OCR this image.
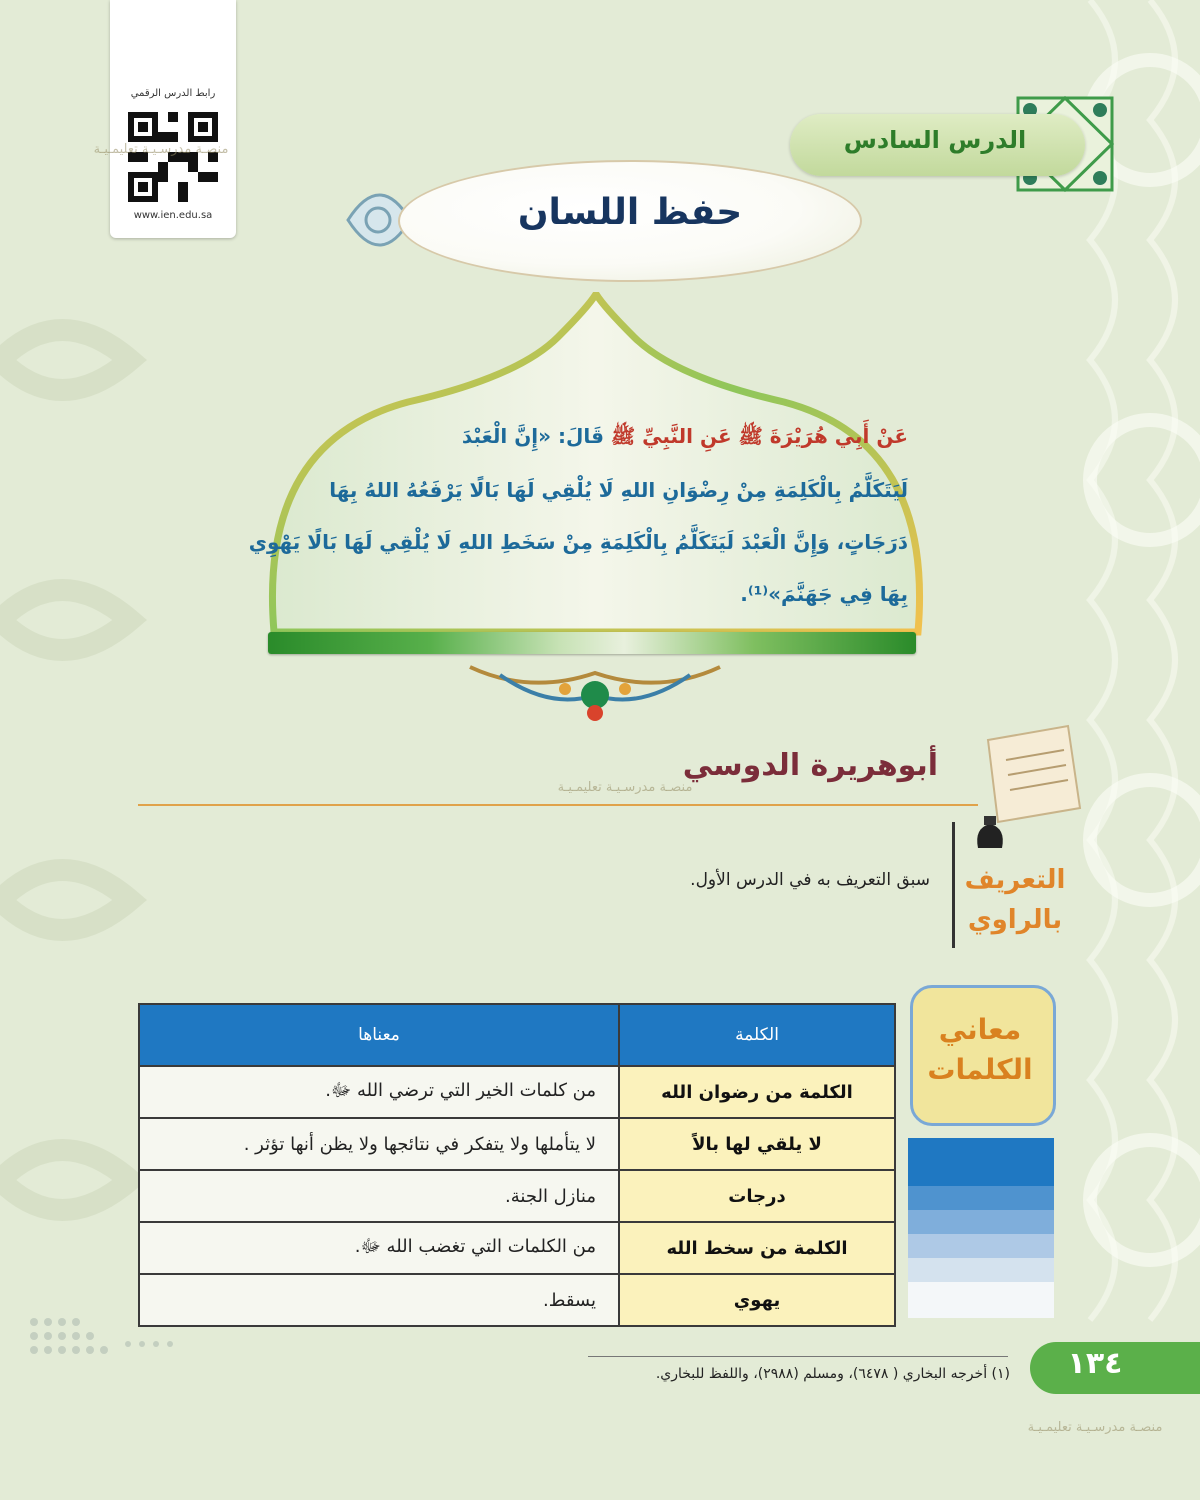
رابط الدرس الرقمي
www.ien.edu.sa
الدرس السادس
حفظ اللسان
عَنْ أَبِي هُرَيْرَةَ ﷺ عَنِ النَّبِيِّ ﷺ قَالَ: «إِنَّ الْعَبْدَ
لَيَتَكَلَّمُ بِالْكَلِمَةِ مِنْ رِضْوَانِ اللهِ لَا يُلْقِي لَهَا بَالًا يَرْفَعُهُ اللهُ بِهَا
دَرَجَاتٍ، وَإِنَّ الْعَبْدَ لَيَتَكَلَّمُ بِالْكَلِمَةِ مِنْ سَخَطِ اللهِ لَا يُلْقِي لَهَا بَالًا يَهْوِي
بِهَا فِي جَهَنَّمَ»⁽¹⁾.
أبوهريرة الدوسي
التعريف
بالراوي
سبق التعريف به في الدرس الأول.
معاني
الكلمات
الكلمة	معناها
الكلمة من رضوان الله	من كلمات الخير التي ترضي الله ﷻ.
لا يلقي لها بالاً	لا يتأملها ولا يتفكر في نتائجها ولا يظن أنها تؤثر .
درجات	منازل الجنة.
الكلمة من سخط الله	من الكلمات التي تغضب الله ﷻ.
يهوي	يسقط.
١٣٤
(١) أخرجه البخاري ( ٦٤٧٨)، ومسلم (٢٩٨٨)، واللفظ للبخاري.
منصـة مدرسـيـة تعليمـيـة
منصـة مدرسـيـة تعليمـيـة
منصـة مدرسـيـة تعليمـيـة
